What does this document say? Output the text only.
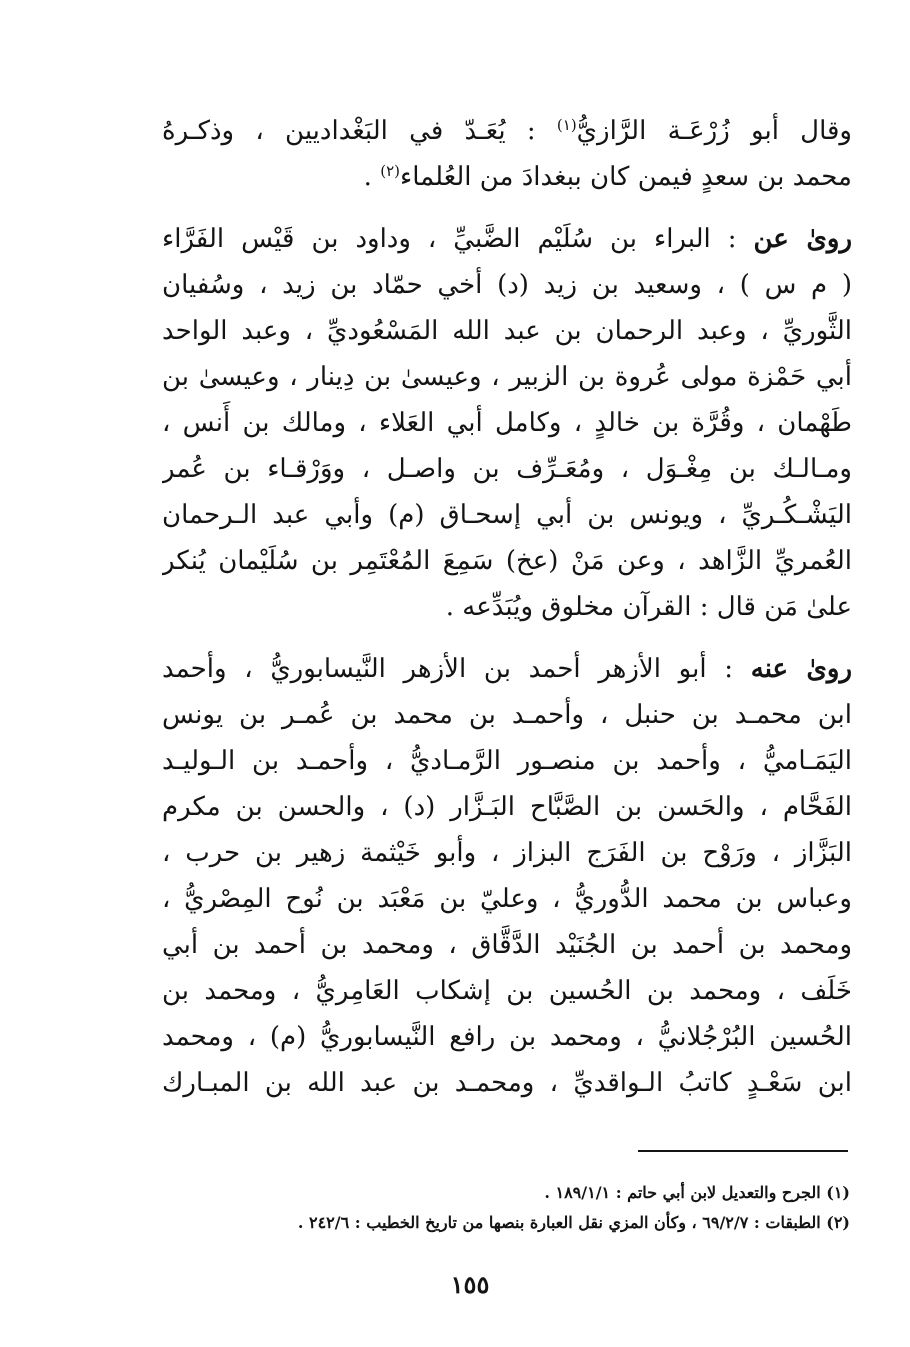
وقال أبو زُرْعَـة الرَّازيُّ$^{(١)}$ : يُعَـدّ في البَغْداديين ، وذكـرهُ
محمد بن سعدٍ فيمن كان ببغدادَ من العُلماء$^{(٢)}$ .
روىٰ عن : البراء بن سُلَيْم الضَّبيِّ ، وداود بن قَيْس الفَرَّاء
( م س ) ، وسعيد بن زيد (د) أخي حمّاد بن زيد ، وسُفيان
الثَّوريِّ ، وعبد الرحمان بن عبد الله المَسْعُوديِّ ، وعبد الواحد
أبي حَمْزة مولى عُروة بن الزبير ، وعيسىٰ بن دِينار ، وعيسىٰ بن
طَهْمان ، وقُرَّة بن خالدٍ ، وكامل أبي العَلاء ، ومالك بن أَنس ،
ومـالـك بن مِغْـوَل ، ومُعَـرِّف بن واصـل ، ووَرْقـاء بن عُمر
اليَشْـكُـريِّ ، ويونس بن أبي إسحـاق (م) وأبي عبد الـرحمان
العُمريِّ الزَّاهد ، وعن مَنْ (عخ) سَمِعَ المُعْتَمِر بن سُلَيْمان يُنكر
علىٰ مَن قال : القرآن مخلوق ويُبَدِّعه .
روىٰ عنه : أبو الأزهر أحمد بن الأزهر النَّيسابوريُّ ، وأحمد
ابن محمـد بن حنبل ، وأحمـد بن محمد بن عُمـر بن يونس
اليَمَـاميُّ ، وأحمد بن منصـور الرَّمـاديُّ ، وأحمـد بن الـوليـد
الفَحَّام ، والحَسن بن الصَّبَّاح البَـزَّار (د) ، والحسن بن مكرم
البَزَّاز ، ورَوْح بن الفَرَج البزاز ، وأبو خَيْثمة زهير بن حرب ،
وعباس بن محمد الدُّوريُّ ، وعليّ بن مَعْبَد بن نُوح المِصْريُّ ،
ومحمد بن أحمد بن الجُنَيْد الدَّقَّاق ، ومحمد بن أحمد بن أبي
خَلَف ، ومحمد بن الحُسين بن إشكاب العَامِريُّ ، ومحمد بن
الحُسين البُرْجُلانيُّ ، ومحمد بن رافع النَّيسابوريُّ (م) ، ومحمد
ابن سَعْـدٍ كاتبُ الـواقديِّ ، ومحمـد بن عبد الله بن المبـارك
(١) الجرح والتعديل لابن أبي حاتم : ١٨٩/١/١ .
(٢) الطبقات : ٦٩/٢/٧ ، وكأن المزي نقل العبارة بنصها من تاريخ الخطيب : ٢٤٢/٦ .
١٥٥
